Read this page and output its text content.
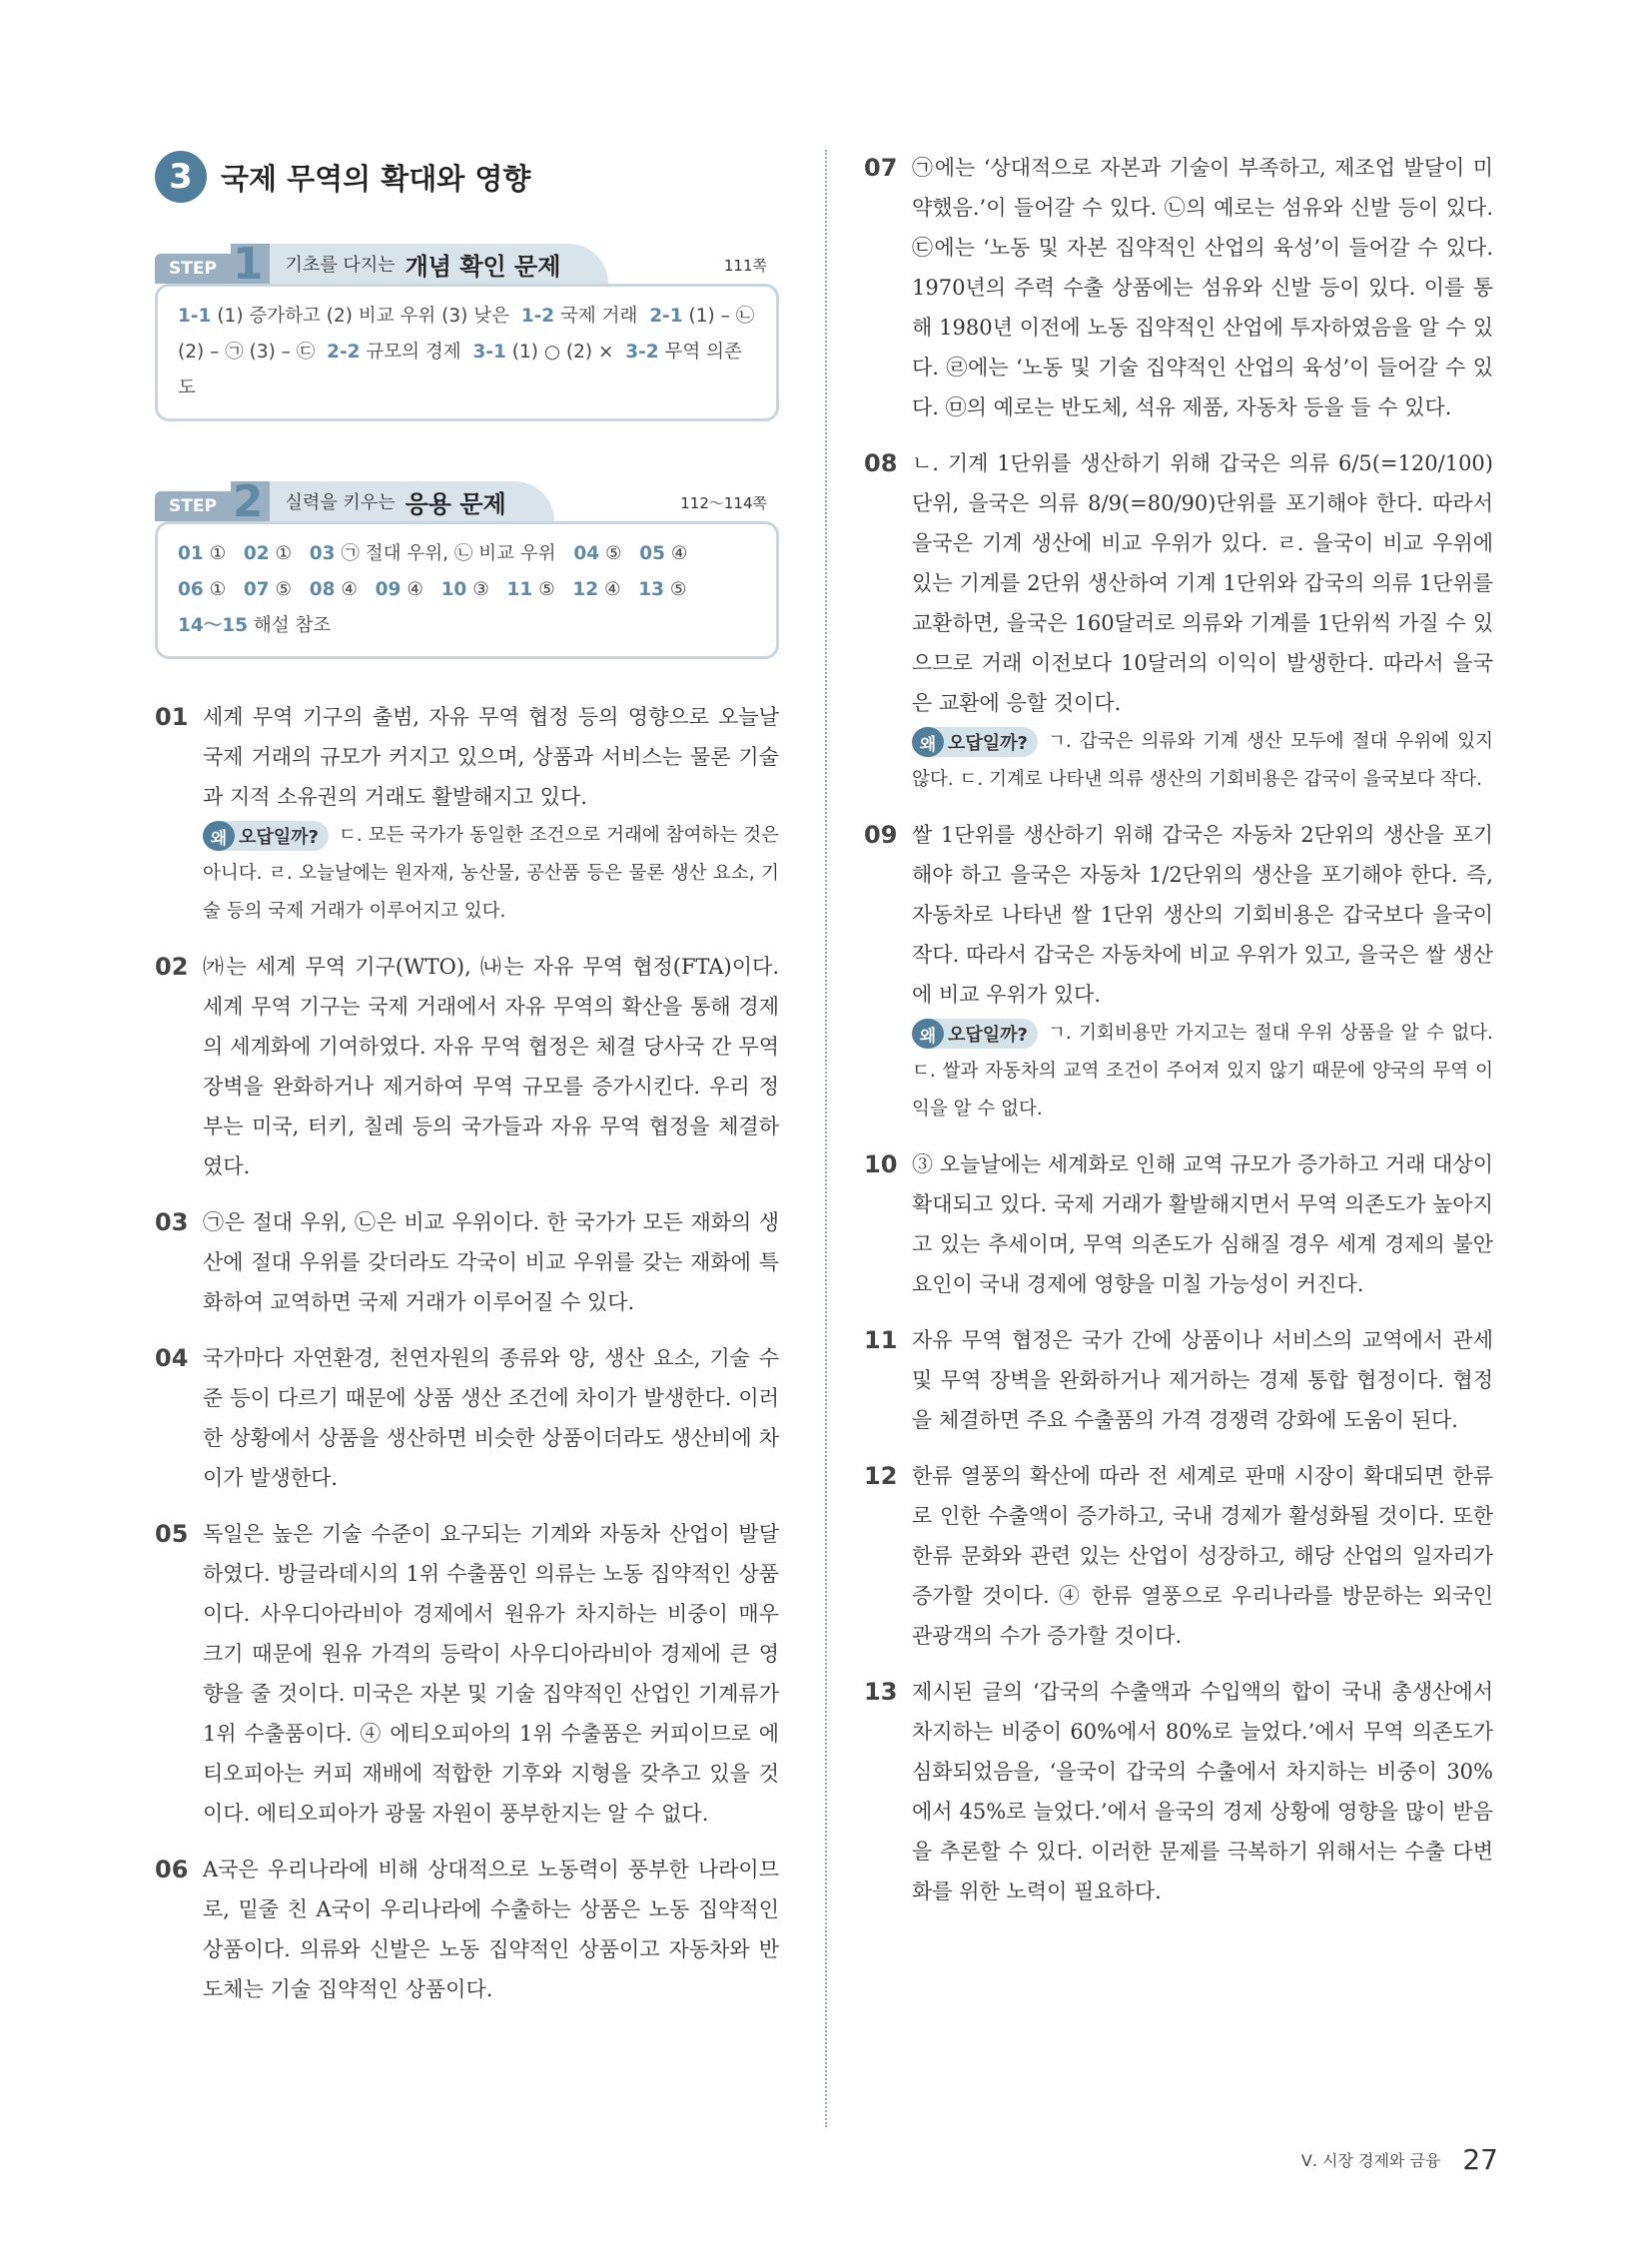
3 국제 무역의 확대와 영향
STEP 1	기초를 다지는 개념 확인 문제	111쪽
1-1 (1) 증가하고 (2) 비교 우위 (3) 낮은 1-2 국제 거래 2-1 (1) – ㉡ (2) – ㉠ (3) – ㉢ 2-2 규모의 경제 3-1 (1) ○ (2) × 3-2 무역 의존도
STEP 2	실력을 키우는 응용 문제	112～114쪽
01 ① 02 ① 03 ㉠ 절대 우위, ㉡ 비교 우위 04 ⑤ 05 ④
06 ① 07 ⑤ 08 ④ 09 ④ 10 ③ 11 ⑤ 12 ④ 13 ⑤
14～15 해설 참조
01 세계 무역 기구의 출범, 자유 무역 협정 등의 영향으로 오늘날 국제 거래의 규모가 커지고 있으며, 상품과 서비스는 물론 기술과 지적 소유권의 거래도 활발해지고 있다.
왜 오답일까? ㄷ. 모든 국가가 동일한 조건으로 거래에 참여하는 것은 아니다. ㄹ. 오늘날에는 원자재, 농산물, 공산품 등은 물론 생산 요소, 기술 등의 국제 거래가 이루어지고 있다.
02 ㈎는 세계 무역 기구(WTO), ㈏는 자유 무역 협정(FTA)이다. 세계 무역 기구는 국제 거래에서 자유 무역의 확산을 통해 경제의 세계화에 기여하였다. 자유 무역 협정은 체결 당사국 간 무역 장벽을 완화하거나 제거하여 무역 규모를 증가시킨다. 우리 정부는 미국, 터키, 칠레 등의 국가들과 자유 무역 협정을 체결하였다.
03 ㉠은 절대 우위, ㉡은 비교 우위이다. 한 국가가 모든 재화의 생산에 절대 우위를 갖더라도 각국이 비교 우위를 갖는 재화에 특화하여 교역하면 국제 거래가 이루어질 수 있다.
04 국가마다 자연환경, 천연자원의 종류와 양, 생산 요소, 기술 수준 등이 다르기 때문에 상품 생산 조건에 차이가 발생한다. 이러한 상황에서 상품을 생산하면 비슷한 상품이더라도 생산비에 차이가 발생한다.
05 독일은 높은 기술 수준이 요구되는 기계와 자동차 산업이 발달하였다. 방글라데시의 1위 수출품인 의류는 노동 집약적인 상품이다. 사우디아라비아 경제에서 원유가 차지하는 비중이 매우 크기 때문에 원유 가격의 등락이 사우디아라비아 경제에 큰 영향을 줄 것이다. 미국은 자본 및 기술 집약적인 산업인 기계류가 1위 수출품이다. ④ 에티오피아의 1위 수출품은 커피이므로 에티오피아는 커피 재배에 적합한 기후와 지형을 갖추고 있을 것이다. 에티오피아가 광물 자원이 풍부한지는 알 수 없다.
06 A국은 우리나라에 비해 상대적으로 노동력이 풍부한 나라이므로, 밑줄 친 A국이 우리나라에 수출하는 상품은 노동 집약적인 상품이다. 의류와 신발은 노동 집약적인 상품이고 자동차와 반도체는 기술 집약적인 상품이다.
07 ㉠에는 ‘상대적으로 자본과 기술이 부족하고, 제조업 발달이 미약했음.’이 들어갈 수 있다. ㉡의 예로는 섬유와 신발 등이 있다. ㉢에는 ‘노동 및 자본 집약적인 산업의 육성’이 들어갈 수 있다. 1970년의 주력 수출 상품에는 섬유와 신발 등이 있다. 이를 통해 1980년 이전에 노동 집약적인 산업에 투자하였음을 알 수 있다. ㉣에는 ‘노동 및 기술 집약적인 산업의 육성’이 들어갈 수 있다. ㉤의 예로는 반도체, 석유 제품, 자동차 등을 들 수 있다.
08 ㄴ. 기계 1단위를 생산하기 위해 갑국은 의류 6/5(=120/100)단위, 을국은 의류 8/9(=80/90)단위를 포기해야 한다. 따라서 을국은 기계 생산에 비교 우위가 있다. ㄹ. 을국이 비교 우위에 있는 기계를 2단위 생산하여 기계 1단위와 갑국의 의류 1단위를 교환하면, 을국은 160달러로 의류와 기계를 1단위씩 가질 수 있으므로 거래 이전보다 10달러의 이익이 발생한다. 따라서 을국은 교환에 응할 것이다.
왜 오답일까? ㄱ. 갑국은 의류와 기계 생산 모두에 절대 우위에 있지 않다. ㄷ. 기계로 나타낸 의류 생산의 기회비용은 갑국이 을국보다 작다.
09 쌀 1단위를 생산하기 위해 갑국은 자동차 2단위의 생산을 포기해야 하고 을국은 자동차 1/2단위의 생산을 포기해야 한다. 즉, 자동차로 나타낸 쌀 1단위 생산의 기회비용은 갑국보다 을국이 작다. 따라서 갑국은 자동차에 비교 우위가 있고, 을국은 쌀 생산에 비교 우위가 있다.
왜 오답일까? ㄱ. 기회비용만 가지고는 절대 우위 상품을 알 수 없다. ㄷ. 쌀과 자동차의 교역 조건이 주어져 있지 않기 때문에 양국의 무역 이익을 알 수 없다.
10 ③ 오늘날에는 세계화로 인해 교역 규모가 증가하고 거래 대상이 확대되고 있다. 국제 거래가 활발해지면서 무역 의존도가 높아지고 있는 추세이며, 무역 의존도가 심해질 경우 세계 경제의 불안 요인이 국내 경제에 영향을 미칠 가능성이 커진다.
11 자유 무역 협정은 국가 간에 상품이나 서비스의 교역에서 관세 및 무역 장벽을 완화하거나 제거하는 경제 통합 협정이다. 협정을 체결하면 주요 수출품의 가격 경쟁력 강화에 도움이 된다.
12 한류 열풍의 확산에 따라 전 세계로 판매 시장이 확대되면 한류로 인한 수출액이 증가하고, 국내 경제가 활성화될 것이다. 또한 한류 문화와 관련 있는 산업이 성장하고, 해당 산업의 일자리가 증가할 것이다. ④ 한류 열풍으로 우리나라를 방문하는 외국인 관광객의 수가 증가할 것이다.
13 제시된 글의 ‘갑국의 수출액과 수입액의 합이 국내 총생산에서 차지하는 비중이 60%에서 80%로 늘었다.’에서 무역 의존도가 심화되었음을, ‘을국이 갑국의 수출에서 차지하는 비중이 30%에서 45%로 늘었다.’에서 을국의 경제 상황에 영향을 많이 받음을 추론할 수 있다. 이러한 문제를 극복하기 위해서는 수출 다변화를 위한 노력이 필요하다.
Ⅴ. 시장 경제와 금융 27
